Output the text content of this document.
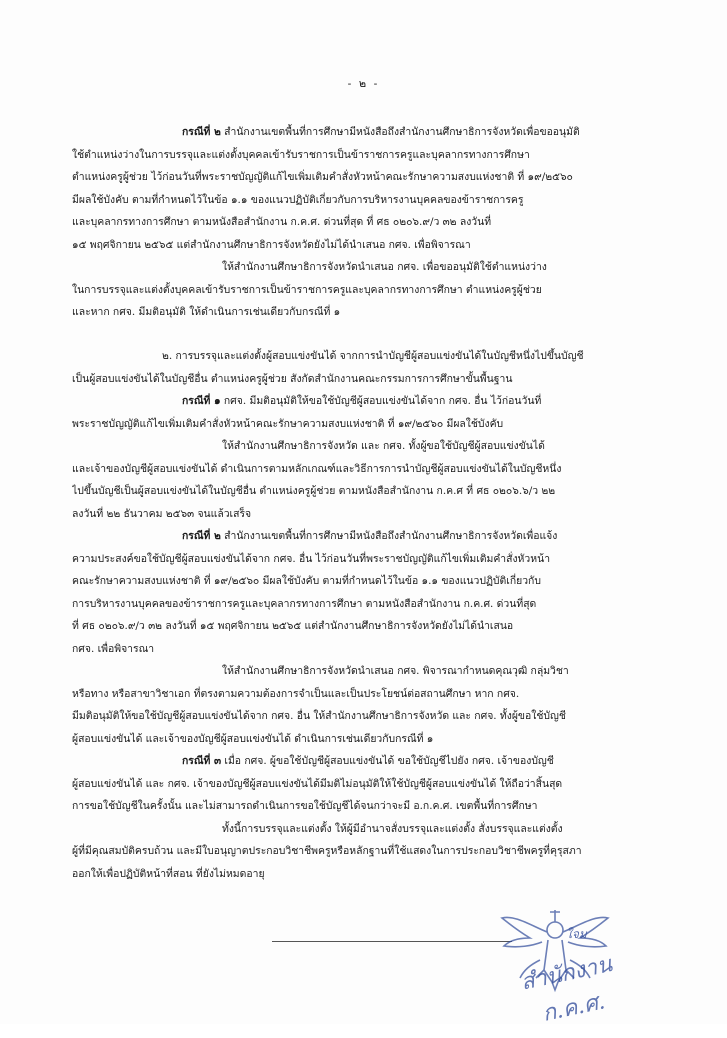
- ๒ -
กรณีที่ ๒ สำนักงานเขตพื้นที่การศึกษามีหนังสือถึงสำนักงานศึกษาธิการจังหวัดเพื่อขออนุมัติ
ใช้ตำแหน่งว่างในการบรรจุและแต่งตั้งบุคคลเข้ารับราชการเป็นข้าราชการครูและบุคลากรทางการศึกษา
ตำแหน่งครูผู้ช่วย ไว้ก่อนวันที่พระราชบัญญัติแก้ไขเพิ่มเติมคำสั่งหัวหน้าคณะรักษาความสงบแห่งชาติ ที่ ๑๙/๒๕๖๐
มีผลใช้บังคับ ตามที่กำหนดไว้ในข้อ ๑.๑ ของแนวปฏิบัติเกี่ยวกับการบริหารงานบุคคลของข้าราชการครู
และบุคลากรทางการศึกษา ตามหนังสือสำนักงาน ก.ค.ศ. ด่วนที่สุด ที่ ศธ ๐๒๐๖.๙/ว ๓๒ ลงวันที่
๑๕ พฤศจิกายน ๒๕๖๕ แต่สำนักงานศึกษาธิการจังหวัดยังไม่ได้นำเสนอ กศจ. เพื่อพิจารณา
ให้สำนักงานศึกษาธิการจังหวัดนำเสนอ กศจ. เพื่อขออนุมัติใช้ตำแหน่งว่าง
ในการบรรจุและแต่งตั้งบุคคลเข้ารับราชการเป็นข้าราชการครูและบุคลากรทางการศึกษา ตำแหน่งครูผู้ช่วย
และหาก กศจ. มีมติอนุมัติ ให้ดำเนินการเช่นเดียวกับกรณีที่ ๑
๒. การบรรจุและแต่งตั้งผู้สอบแข่งขันได้ จากการนำบัญชีผู้สอบแข่งขันได้ในบัญชีหนึ่งไปขึ้นบัญชี
เป็นผู้สอบแข่งขันได้ในบัญชีอื่น ตำแหน่งครูผู้ช่วย สังกัดสำนักงานคณะกรรมการการศึกษาขั้นพื้นฐาน
กรณีที่ ๑ กศจ. มีมติอนุมัติให้ขอใช้บัญชีผู้สอบแข่งขันได้จาก กศจ. อื่น ไว้ก่อนวันที่
พระราชบัญญัติแก้ไขเพิ่มเติมคำสั่งหัวหน้าคณะรักษาความสงบแห่งชาติ ที่ ๑๙/๒๕๖๐ มีผลใช้บังคับ
ให้สำนักงานศึกษาธิการจังหวัด และ กศจ. ทั้งผู้ขอใช้บัญชีผู้สอบแข่งขันได้
และเจ้าของบัญชีผู้สอบแข่งขันได้ ดำเนินการตามหลักเกณฑ์และวิธีการการนำบัญชีผู้สอบแข่งขันได้ในบัญชีหนึ่ง
ไปขึ้นบัญชีเป็นผู้สอบแข่งขันได้ในบัญชีอื่น ตำแหน่งครูผู้ช่วย ตามหนังสือสำนักงาน ก.ค.ศ ที่ ศธ ๐๒๐๖.๖/ว ๒๒
ลงวันที่ ๒๒ ธันวาคม ๒๕๖๓ จนแล้วเสร็จ
กรณีที่ ๒ สำนักงานเขตพื้นที่การศึกษามีหนังสือถึงสำนักงานศึกษาธิการจังหวัดเพื่อแจ้ง
ความประสงค์ขอใช้บัญชีผู้สอบแข่งขันได้จาก กศจ. อื่น ไว้ก่อนวันที่พระราชบัญญัติแก้ไขเพิ่มเติมคำสั่งหัวหน้า
คณะรักษาความสงบแห่งชาติ ที่ ๑๙/๒๕๖๐ มีผลใช้บังคับ ตามที่กำหนดไว้ในข้อ ๑.๑ ของแนวปฏิบัติเกี่ยวกับ
การบริหารงานบุคคลของข้าราชการครูและบุคลากรทางการศึกษา ตามหนังสือสำนักงาน ก.ค.ศ. ด่วนที่สุด
ที่ ศธ ๐๒๐๖.๙/ว ๓๒ ลงวันที่ ๑๕ พฤศจิกายน ๒๕๖๕ แต่สำนักงานศึกษาธิการจังหวัดยังไม่ได้นำเสนอ
กศจ. เพื่อพิจารณา
ให้สำนักงานศึกษาธิการจังหวัดนำเสนอ กศจ. พิจารณากำหนดคุณวุฒิ กลุ่มวิชา
หรือทาง หรือสาขาวิชาเอก ที่ตรงตามความต้องการจำเป็นและเป็นประโยชน์ต่อสถานศึกษา หาก กศจ.
มีมติอนุมัติให้ขอใช้บัญชีผู้สอบแข่งขันได้จาก กศจ. อื่น ให้สำนักงานศึกษาธิการจังหวัด และ กศจ. ทั้งผู้ขอใช้บัญชี
ผู้สอบแข่งขันได้ และเจ้าของบัญชีผู้สอบแข่งขันได้ ดำเนินการเช่นเดียวกับกรณีที่ ๑
กรณีที่ ๓ เมื่อ กศจ. ผู้ขอใช้บัญชีผู้สอบแข่งขันได้ ขอใช้บัญชีไปยัง กศจ. เจ้าของบัญชี
ผู้สอบแข่งขันได้ และ กศจ. เจ้าของบัญชีผู้สอบแข่งขันได้มีมติไม่อนุมัติให้ใช้บัญชีผู้สอบแข่งขันได้ ให้ถือว่าสิ้นสุด
การขอใช้บัญชีในครั้งนั้น และไม่สามารถดำเนินการขอใช้บัญชีได้จนกว่าจะมี อ.ก.ค.ศ. เขตพื้นที่การศึกษา
ทั้งนี้การบรรจุและแต่งตั้ง ให้ผู้มีอำนาจสั่งบรรจุและแต่งตั้ง สั่งบรรจุและแต่งตั้ง
ผู้ที่มีคุณสมบัติครบถ้วน และมีใบอนุญาตประกอบวิชาชีพครูหรือหลักฐานที่ใช้แสดงในการประกอบวิชาชีพครูที่คุรุสภา
ออกให้เพื่อปฏิบัติหน้าที่สอน ที่ยังไม่หมดอายุ
สำนักงาน ก.ค.ศ.
ใจม
